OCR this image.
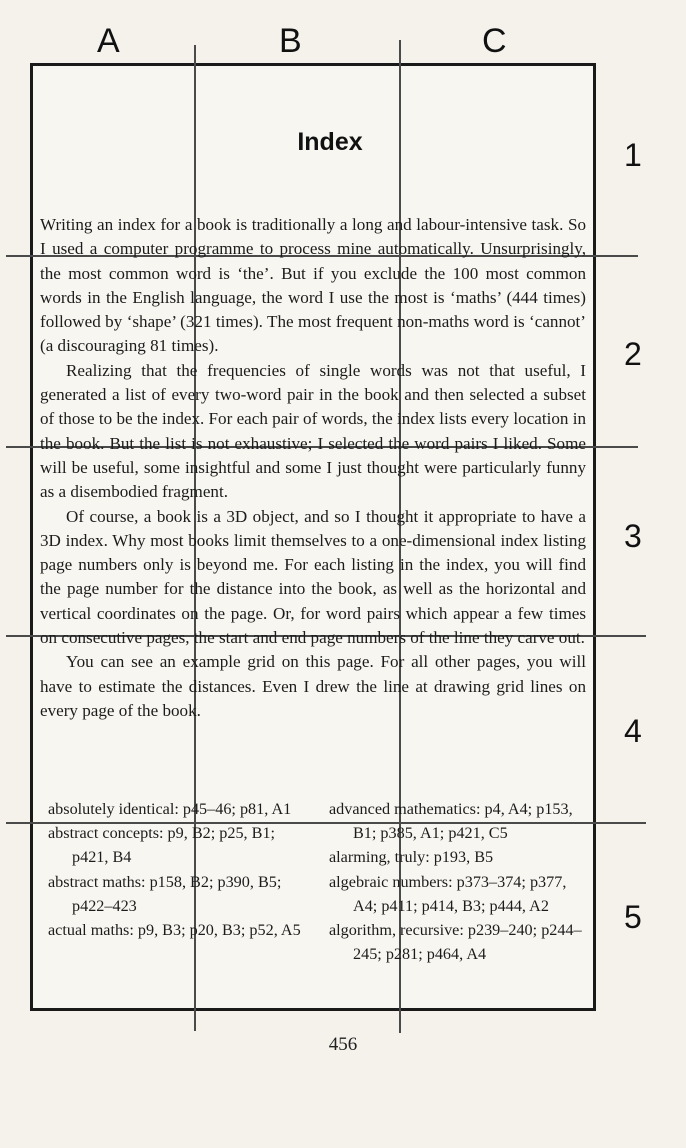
A	B	C
1
2
3
4
5
Index

Writing an index for a book is traditionally a long and labour-intensive task. So I used a computer programme to process mine automatically. Unsurprisingly, the most common word is ‘the’. But if you exclude the 100 most common words in the English language, the word I use the most is ‘maths’ (444 times) followed by ‘shape’ (321 times). The most frequent non-maths word is ‘cannot’ (a discouraging 81 times).

Realizing that the frequencies of single words was not that useful, I generated a list of every two-word pair in the book and then selected a subset of those to be the index. For each pair of words, the index lists every location in the book. But the list is not exhaustive; I selected the word pairs I liked. Some will be useful, some insightful and some I just thought were particularly funny as a disembodied fragment.

Of course, a book is a 3D object, and so I thought it appropriate to have a 3D index. Why most books limit themselves to a one-dimensional index listing page numbers only is beyond me. For each listing in the index, you will find the page number for the distance into the book, as well as the horizontal and vertical coordinates on the page. Or, for word pairs which appear a few times on consecutive pages, the start and end page numbers of the line they carve out.

You can see an example grid on this page. For all other pages, you will have to estimate the distances. Even I drew the line at drawing grid lines on every page of the book.

absolutely identical: p45–46; p81, A1
abstract concepts: p9, B2; p25, B1; p421, B4
abstract maths: p158, B2; p390, B5; p422–423
actual maths: p9, B3; p20, B3; p52, A5
advanced mathematics: p4, A4; p153, B1; p385, A1; p421, C5
alarming, truly: p193, B5
algebraic numbers: p373–374; p377, A4; p411; p414, B3; p444, A2
algorithm, recursive: p239–240; p244–245; p281; p464, A4
456
